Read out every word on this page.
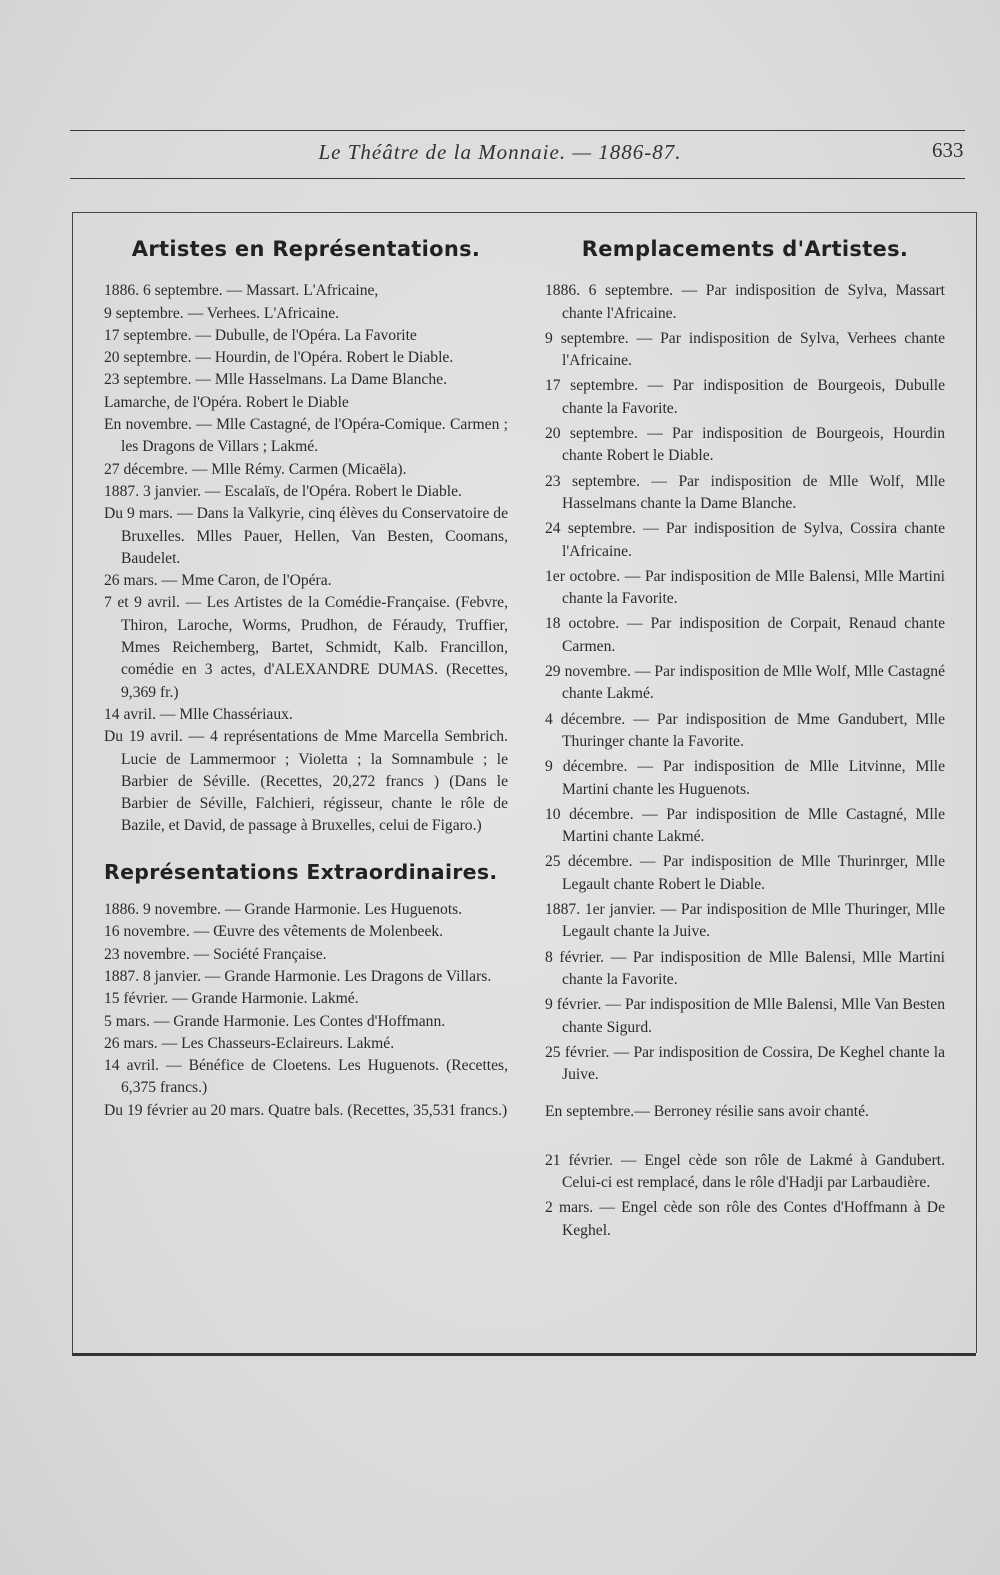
Le Théâtre de la Monnaie. — 1886-87.	633
Artistes en Représentations.

1886. 6 septembre. — Massart. L'Africaine,

9 septembre. — Verhees. L'Africaine.

17 septembre. — Dubulle, de l'Opéra. La Favorite

20 septembre. — Hourdin, de l'Opéra. Robert le Diable.

23 septembre. — Mlle Hasselmans. La Dame Blanche.

Lamarche, de l'Opéra. Robert le Diable

En novembre. — Mlle Castagné, de l'Opéra-Comique. Carmen ; les Dragons de Villars ; Lakmé.

27 décembre. — Mlle Rémy. Carmen (Micaëla).

1887. 3 janvier. — Escalaïs, de l'Opéra. Robert le Diable.

Du 9 mars. — Dans la Valkyrie, cinq élèves du Conservatoire de Bruxelles. Mlles Pauer, Hellen, Van Besten, Coomans, Baudelet.

26 mars. — Mme Caron, de l'Opéra.

7 et 9 avril. — Les Artistes de la Comédie-Française. (Febvre, Thiron, Laroche, Worms, Prudhon, de Féraudy, Truffier, Mmes Reichemberg, Bartet, Schmidt, Kalb. Francillon, comédie en 3 actes, d'ALEXANDRE DUMAS. (Recettes, 9,369 fr.)

14 avril. — Mlle Chassériaux.

Du 19 avril. — 4 représentations de Mme Marcella Sembrich. Lucie de Lammermoor ; Violetta ; la Somnambule ; le Barbier de Séville. (Recettes, 20,272 francs ) (Dans le Barbier de Séville, Falchieri, régisseur, chante le rôle de Bazile, et David, de passage à Bruxelles, celui de Figaro.)

Représentations Extraordinaires.

1886. 9 novembre. — Grande Harmonie. Les Huguenots.

16 novembre. — Œuvre des vêtements de Molenbeek.

23 novembre. — Société Française.

1887. 8 janvier. — Grande Harmonie. Les Dragons de Villars.

15 février. — Grande Harmonie. Lakmé.

5 mars. — Grande Harmonie. Les Contes d'Hoffmann.

26 mars. — Les Chasseurs-Eclaireurs. Lakmé.

14 avril. — Bénéfice de Cloetens. Les Huguenots. (Recettes, 6,375 francs.)

Du 19 février au 20 mars. Quatre bals. (Recettes, 35,531 francs.)

Remplacements d'Artistes.

1886. 6 septembre. — Par indisposition de Sylva, Massart chante l'Africaine.

9 septembre. — Par indisposition de Sylva, Verhees chante l'Africaine.

17 septembre. — Par indisposition de Bourgeois, Dubulle chante la Favorite.

20 septembre. — Par indisposition de Bourgeois, Hourdin chante Robert le Diable.

23 septembre. — Par indisposition de Mlle Wolf, Mlle Hasselmans chante la Dame Blanche.

24 septembre. — Par indisposition de Sylva, Cossira chante l'Africaine.

1er octobre. — Par indisposition de Mlle Balensi, Mlle Martini chante la Favorite.

18 octobre. — Par indisposition de Corpait, Renaud chante Carmen.

29 novembre. — Par indisposition de Mlle Wolf, Mlle Castagné chante Lakmé.

4 décembre. — Par indisposition de Mme Gandubert, Mlle Thuringer chante la Favorite.

9 décembre. — Par indisposition de Mlle Litvinne, Mlle Martini chante les Huguenots.

10 décembre. — Par indisposition de Mlle Castagné, Mlle Martini chante Lakmé.

25 décembre. — Par indisposition de Mlle Thurinrger, Mlle Legault chante Robert le Diable.

1887. 1er janvier. — Par indisposition de Mlle Thuringer, Mlle Legault chante la Juive.

8 février. — Par indisposition de Mlle Balensi, Mlle Martini chante la Favorite.

9 février. — Par indisposition de Mlle Balensi, Mlle Van Besten chante Sigurd.

25 février. — Par indisposition de Cossira, De Keghel chante la Juive.

En septembre.— Berroney résilie sans avoir chanté.

21 février. — Engel cède son rôle de Lakmé à Gandubert. Celui-ci est remplacé, dans le rôle d'Hadji par Larbaudière.

2 mars. — Engel cède son rôle des Contes d'Hoffmann à De Keghel.
